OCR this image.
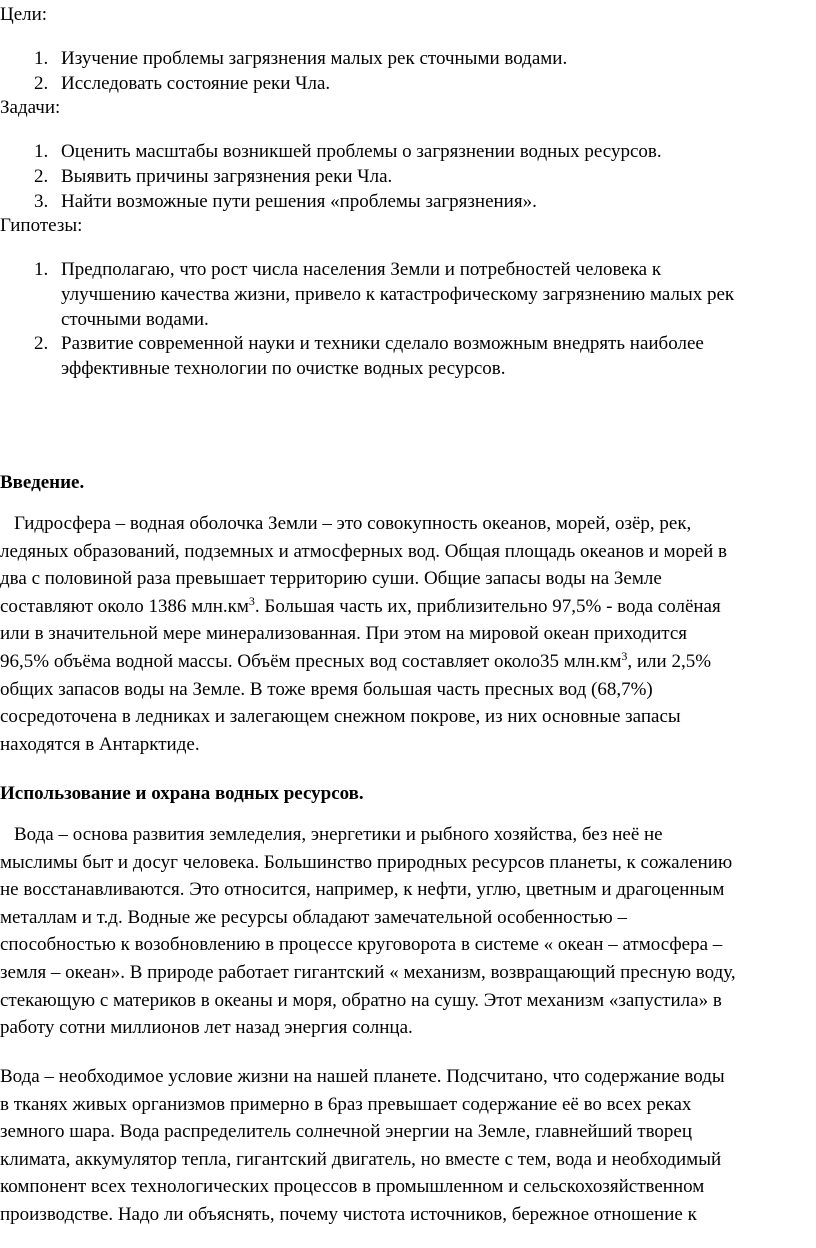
Цели:
1. Изучение проблемы загрязнения малых рек сточными водами.
2. Исследовать состояние реки Чла.
Задачи:
1. Оценить масштабы возникшей проблемы о загрязнении водных ресурсов.
2. Выявить причины загрязнения реки Чла.
3. Найти возможные пути решения «проблемы загрязнения».
Гипотезы:
1. Предполагаю, что рост числа населения Земли и потребностей человека к
улучшению качества жизни, привело к катастрофическому загрязнению малых рек
сточными водами.
2. Развитие современной науки и техники сделало возможным внедрять наиболее
эффективные технологии по очистке водных ресурсов.
Введение.
Гидросфера – водная оболочка Земли – это совокупность океанов, морей, озёр, рек,
ледяных образований, подземных и атмосферных вод. Общая площадь океанов и морей в
два с половиной раза превышает территорию суши. Общие запасы воды на Земле
составляют около 1386 $млн.км^3$. Большая часть их, приблизительно 97,5% - вода солёная
или в значительной мере минерализованная. При этом на мировой океан приходится
96,5% объёма водной массы. Объём пресных вод составляет около35 $млн.км^3$, или 2,5%
общих запасов воды на Земле. В тоже время большая часть пресных вод (68,7%)
сосредоточена в ледниках и залегающем снежном покрове, из них основные запасы
находятся в Антарктиде.
Использование и охрана водных ресурсов.
Вода – основа развития земледелия, энергетики и рыбного хозяйства, без неё не
мыслимы быт и досуг человека. Большинство природных ресурсов планеты, к сожалению
не восстанавливаются. Это относится, например, к нефти, углю, цветным и драгоценным
металлам и т.д. Водные же ресурсы обладают замечательной особенностью –
способностью к возобновлению в процессе круговорота в системе « океан – атмосфера –
земля – океан». В природе работает гигантский « механизм, возвращающий пресную воду,
стекающую с материков в океаны и моря, обратно на сушу. Этот механизм «запустила» в
работу сотни миллионов лет назад энергия солнца.
Вода – необходимое условие жизни на нашей планете. Подсчитано, что содержание воды
в тканях живых организмов примерно в 6раз превышает содержание её во всех реках
земного шара. Вода распределитель солнечной энергии на Земле, главнейший творец
климата, аккумулятор тепла, гигантский двигатель, но вместе с тем, вода и необходимый
компонент всех технологических процессов в промышленном и сельскохозяйственном
производстве. Надо ли объяснять, почему чистота источников, бережное отношение к
